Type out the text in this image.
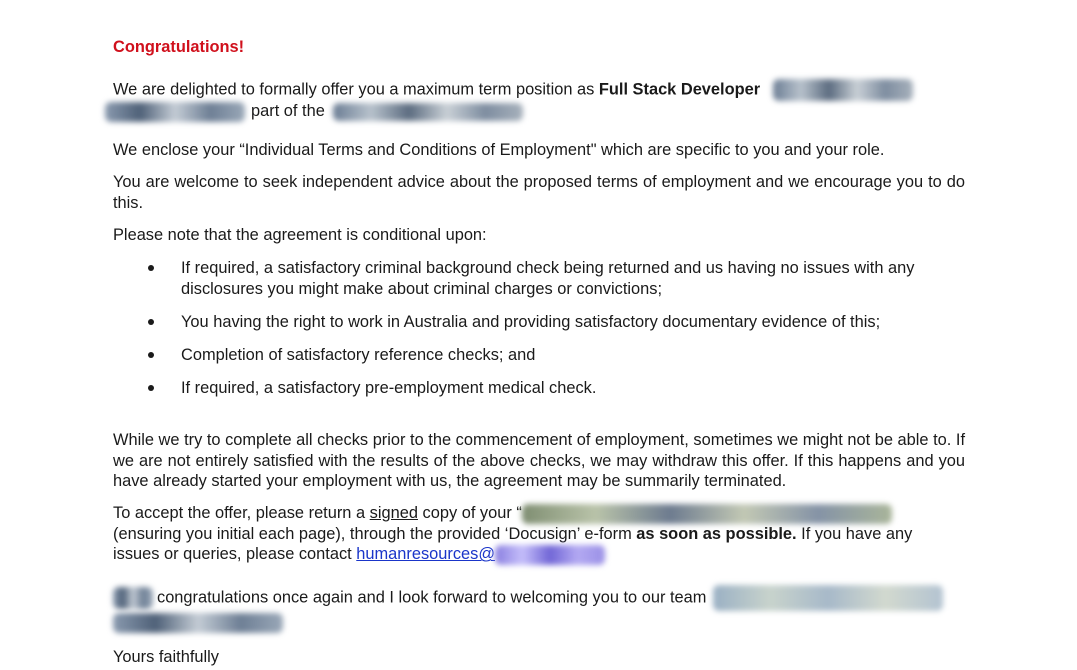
Congratulations!

We are delighted to formally offer you a maximum term position as Full Stack Developer
part of the

We enclose your “Individual Terms and Conditions of Employment" which are specific to you and your role.

You are welcome to seek independent advice about the proposed terms of employment and we encourage you to do this.

Please note that the agreement is conditional upon:

If required, a satisfactory criminal background check being returned and us having no issues with any disclosures you might make about criminal charges or convictions;
You having the right to work in Australia and providing satisfactory documentary evidence of this;
Completion of satisfactory reference checks; and
If required, a satisfactory pre-employment medical check.

While we try to complete all checks prior to the commencement of employment, sometimes we might not be able to. If we are not entirely satisfied with the results of the above checks, we may withdraw this offer. If this happens and you have already started your employment with us, the agreement may be summarily terminated.

To accept the offer, please return a signed copy of your “
(ensuring you initial each page), through the provided ‘Docusign’ e-form as soon as possible. If you have any
issues or queries, please contact humanresources@

congratulations once again and I look forward to welcoming you to our team

Yours faithfully
